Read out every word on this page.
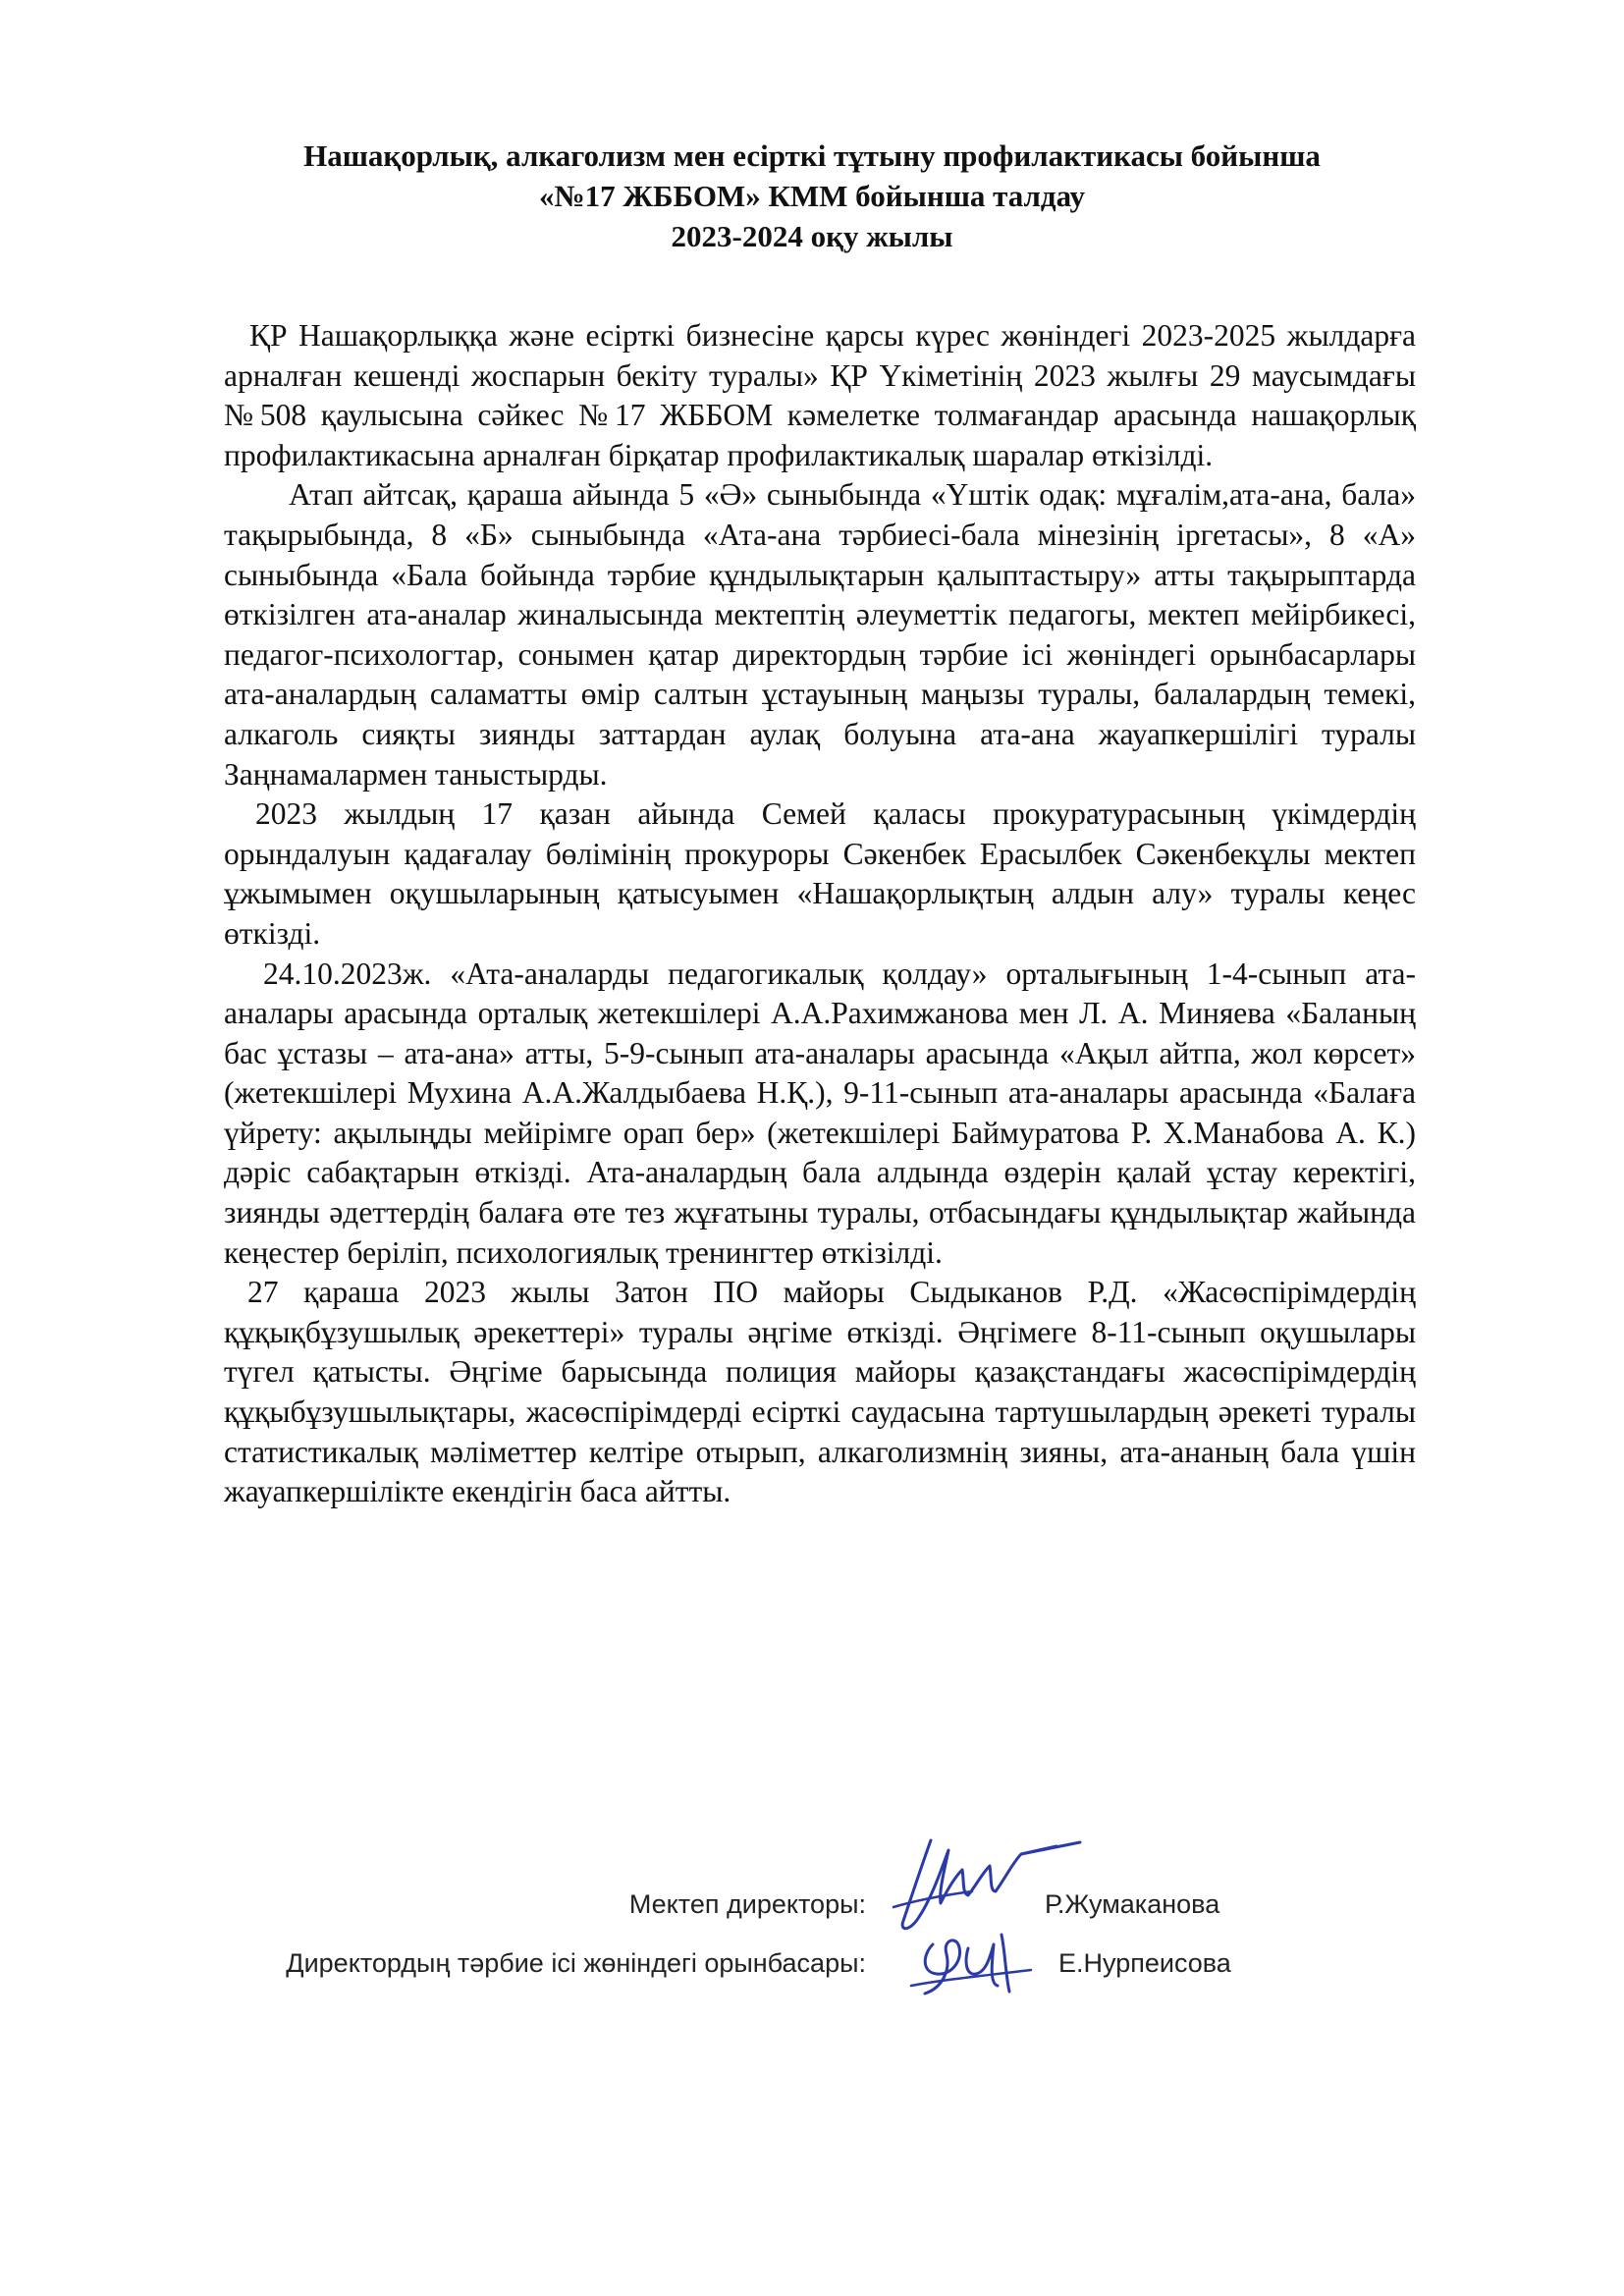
Нашақорлық, алкаголизм мен есірткі тұтыну профилактикасы бойынша
«№17 ЖББОМ» КММ бойынша талдау
2023-2024 оқу жылы

ҚР Нашақорлыққа және есірткі бизнесіне қарсы күрес жөніндегі 2023-2025 жылдарға арналған кешенді жоспарын бекіту туралы» ҚР Үкіметінің 2023 жылғы 29 маусымдағы №508 қаулысына сәйкес №17 ЖББОМ кәмелетке толмағандар арасында нашақорлық профилактикасына арналған бірқатар профилактикалық шаралар өткізілді.

Атап айтсақ, қараша айында 5 «Ә» сыныбында «Үштік одақ: мұғалім,ата-ана, бала» тақырыбында, 8 «Б» сыныбында «Ата-ана тәрбиесі-бала мінезінің іргетасы», 8 «А» сыныбында «Бала бойында тәрбие құндылықтарын қалыптастыру» атты тақырыптарда өткізілген ата-аналар жиналысында мектептің әлеуметтік педагогы, мектеп мейірбикесі, педагог-психологтар, сонымен қатар директордың тәрбие ісі жөніндегі орынбасарлары ата-аналардың саламатты өмір салтын ұстауының маңызы туралы, балалардың темекі, алкаголь сияқты зиянды заттардан аулақ болуына ата-ана жауапкершілігі туралы Заңнамалармен таныстырды.

2023 жылдың 17 қазан айында Семей қаласы прокуратурасының үкімдердің орындалуын қадағалау бөлімінің прокуроры Сәкенбек Ерасылбек Сәкенбекұлы мектеп ұжымымен оқушыларының қатысуымен «Нашақорлықтың алдын алу» туралы кеңес өткізді.

24.10.2023ж. «Ата-аналарды педагогикалық қолдау» орталығының 1-4-сынып ата-аналары арасында орталық жетекшілері А.А.Рахимжанова мен Л. А. Миняева «Баланың бас ұстазы – ата-ана» атты, 5-9-сынып ата-аналары арасында «Ақыл айтпа, жол көрсет» (жетекшілері Мухина А.А.Жалдыбаева Н.Қ.), 9-11-сынып ата-аналары арасында «Балаға үйрету: ақылыңды мейірімге орап бер» (жетекшілері Баймуратова Р. Х.Манабова А. К.) дәріс сабақтарын өткізді. Ата-аналардың бала алдында өздерін қалай ұстау керектігі, зиянды әдеттердің балаға өте тез жұғатыны туралы, отбасындағы құндылықтар жайында кеңестер беріліп, психологиялық тренингтер өткізілді.

27 қараша 2023 жылы Затон ПО майоры Сыдыканов Р.Д. «Жасөспірімдердің құқықбұзушылық әрекеттері» туралы әңгіме өткізді. Әңгімеге 8-11-сынып оқушылары түгел қатысты. Әңгіме барысында полиция майоры қазақстандағы жасөспірімдердің құқыбұзушылықтары, жасөспірімдерді есірткі саудасына тартушылардың әрекеті туралы статистикалық мәліметтер келтіре отырып, алкаголизмнің зияны, ата-ананың бала үшін жауапкершілікте екендігін баса айтты.

Мектеп директоры:	Р.Жумаканова
Директордың тәрбие ісі жөніндегі орынбасары:	Е.Нурпеисова
